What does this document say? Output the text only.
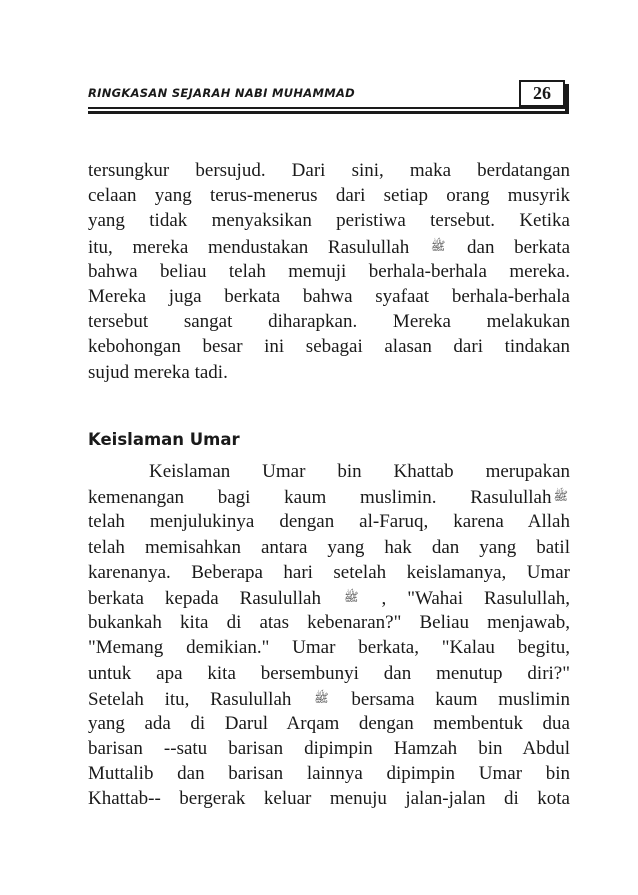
RINGKASAN SEJARAH NABI MUHAMMAD	26
tersungkur bersujud. Dari sini, maka berdatangan
celaan yang terus-menerus dari setiap orang musyrik
yang tidak menyaksikan peristiwa tersebut. Ketika
itu, mereka mendustakan Rasulullah ﷺ dan berkata
bahwa beliau telah memuji berhala-berhala mereka.
Mereka juga berkata bahwa syafaat berhala-berhala
tersebut sangat diharapkan. Mereka melakukan
kebohongan besar ini sebagai alasan dari tindakan
sujud mereka tadi.
Keislaman Umar
Keislaman Umar bin Khattab merupakan
kemenangan bagi kaum muslimin. Rasulullah ﷺ
telah menjulukinya dengan al-Faruq, karena Allah
telah memisahkan antara yang hak dan yang batil
karenanya. Beberapa hari setelah keislamanya, Umar
berkata kepada Rasulullah ﷺ , "Wahai Rasulullah,
bukankah kita di atas kebenaran?" Beliau menjawab,
"Memang demikian." Umar berkata, "Kalau begitu,
untuk apa kita bersembunyi dan menutup diri?"
Setelah itu, Rasulullah ﷺ bersama kaum muslimin
yang ada di Darul Arqam dengan membentuk dua
barisan --satu barisan dipimpin Hamzah bin Abdul
Muttalib dan barisan lainnya dipimpin Umar bin
Khattab-- bergerak keluar menuju jalan-jalan di kota
